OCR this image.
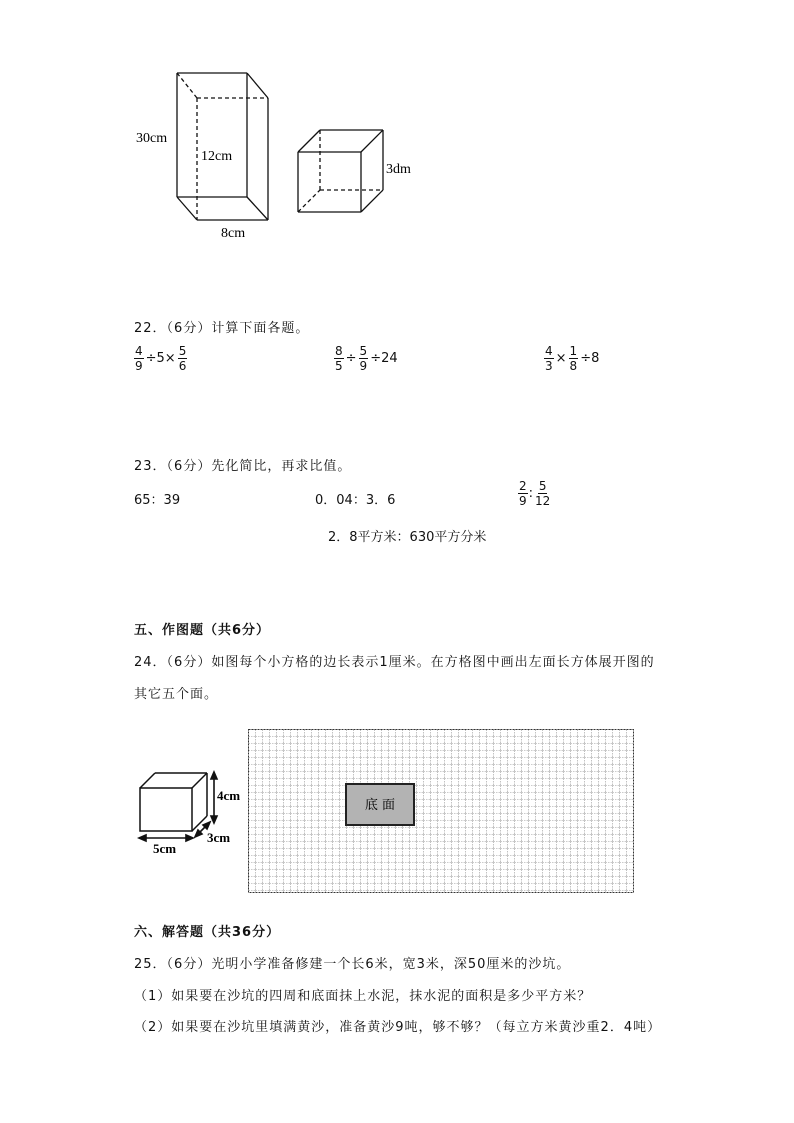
30cm
12cm
8cm
3dm
22．（6分）计算下面各题。
$\frac{4}{9} \div 5\times \frac{5}{6}$	$\frac{8}{5} \div \frac{5}{9} \div 24$	$\frac{4}{3} \times \frac{1}{8} \div 8$
23．（6分）先化简比，再求比值。
65：39	0．04：3．6	$\frac{2}{9}$ : $\frac{5}{12}$
2．8平方米：630平方分米
五、作图题（共6分）
24．（6分）如图每个小方格的边长表示1厘米。在方格图中画出左面长方体展开图的
其它五个面。
4cm
3cm
5cm
底 面
六、解答题（共36分）
25．（6分）光明小学准备修建一个长6米，宽3米，深50厘米的沙坑。
（1）如果要在沙坑的四周和底面抹上水泥，抹水泥的面积是多少平方米？
（2）如果要在沙坑里填满黄沙，准备黄沙9吨，够不够？（每立方米黄沙重2．4吨）
